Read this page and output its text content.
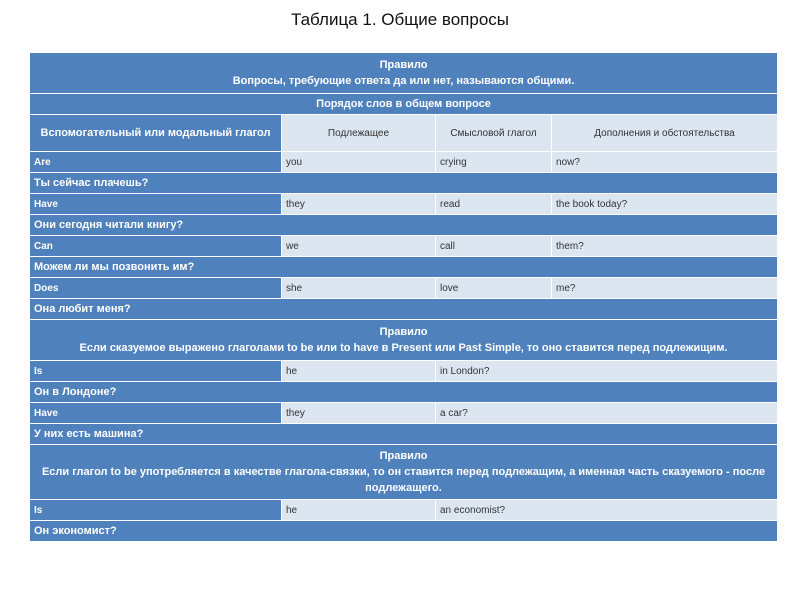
Таблица 1. Общие вопросы
Правило
Вопросы, требующие ответа да или нет, называются общими.			

Порядок слов в общем вопросе			
Вспомогательный или модальный глагол	Подлежащее	Смысловой глагол	Дополнения и обстоятельства
Are	you	crying	now?
Ты сейчас плачешь?			
Have	they	read	the book today?
Они сегодня читали книгу?			
Can	we	call	them?
Можем ли мы позвонить им?			
Does	she	love	me?
Она любит меня?			

Правило
Если сказуемое выражено глаголами to be или to have в Present или Past Simple, то оно ставится перед подлежищим.			

Is	he	in London?	
Он в Лондоне?			
Have	they	a car?	
У них есть машина?			

Правило
Если глагол to be употребляется в качестве глагола-связки, то он ставится перед подлежащим, а именная часть сказуемого - после подлежащего.			

Is	he	an economist?	
Он экономист?			
